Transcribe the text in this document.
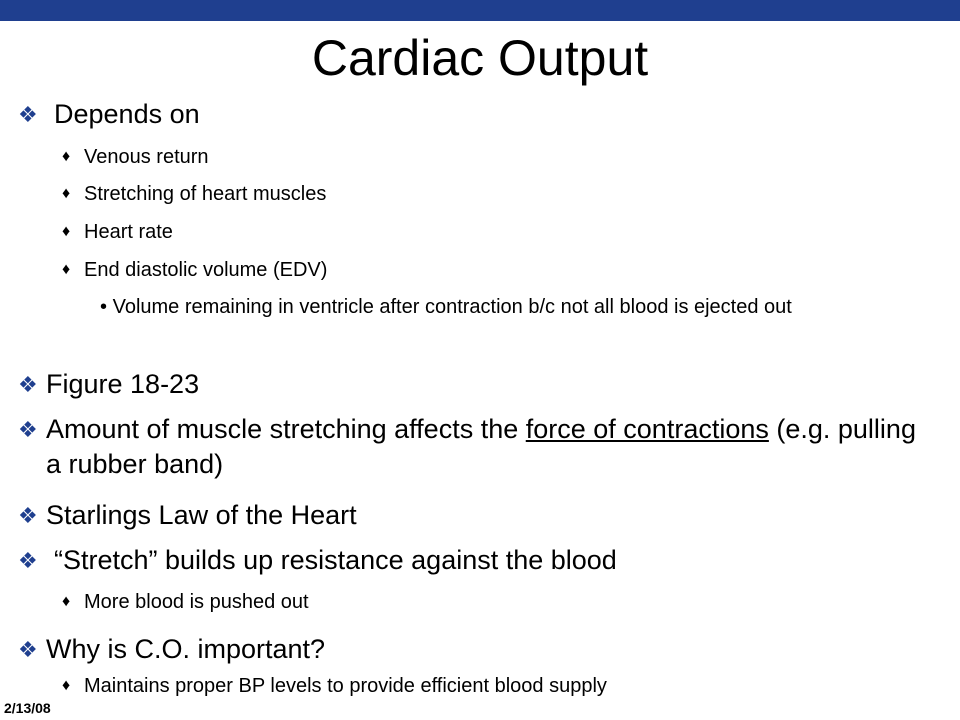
Cardiac Output
❖ Depends on
♦ Venous return
♦ Stretching of heart muscles
♦ Heart rate
♦ End diastolic volume (EDV)
• Volume remaining in ventricle after contraction b/c not all blood is ejected out
❖ Figure 18-23
❖ Amount of muscle stretching affects the force of contractions (e.g. pulling a rubber band)
❖ Starlings Law of the Heart
❖ “Stretch” builds up resistance against the blood
♦ More blood is pushed out
❖ Why is C.O. important?
♦ Maintains proper BP levels to provide efficient blood supply
2/13/08
